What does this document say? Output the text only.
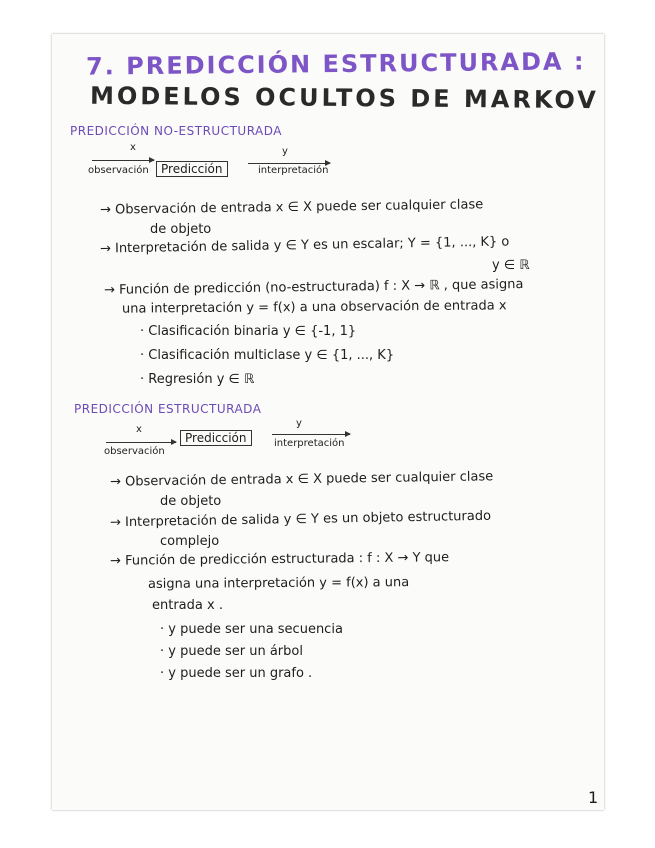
7. PREDICCIÓN ESTRUCTURADA :
MODELOS OCULTOS DE MARKOV
PREDICCIÓN NO-ESTRUCTURADA
x
observación	Predicción
y
interpretación
→ Observación de entrada x ∈ X puede ser cualquier clase
de objeto
→ Interpretación de salida y ∈ Y es un escalar; Y = {1, ..., K} o
y ∈ ℝ
→ Función de predicción (no-estructurada) f : X → ℝ , que asigna
una interpretación y = f(x) a una observación de entrada x
· Clasificación binaria y ∈ {-1, 1}
· Clasificación multiclase y ∈ {1, ..., K}
· Regresión y ∈ ℝ
PREDICCIÓN ESTRUCTURADA
x
observación
Predicción
y
interpretación
→ Observación de entrada x ∈ X puede ser cualquier clase
de objeto
→ Interpretación de salida y ∈ Y es un objeto estructurado
complejo
→ Función de predicción estructurada : f : X → Y que
asigna una interpretación y = f(x) a una
entrada x .
· y puede ser una secuencia
· y puede ser un árbol
· y puede ser un grafo .
1
